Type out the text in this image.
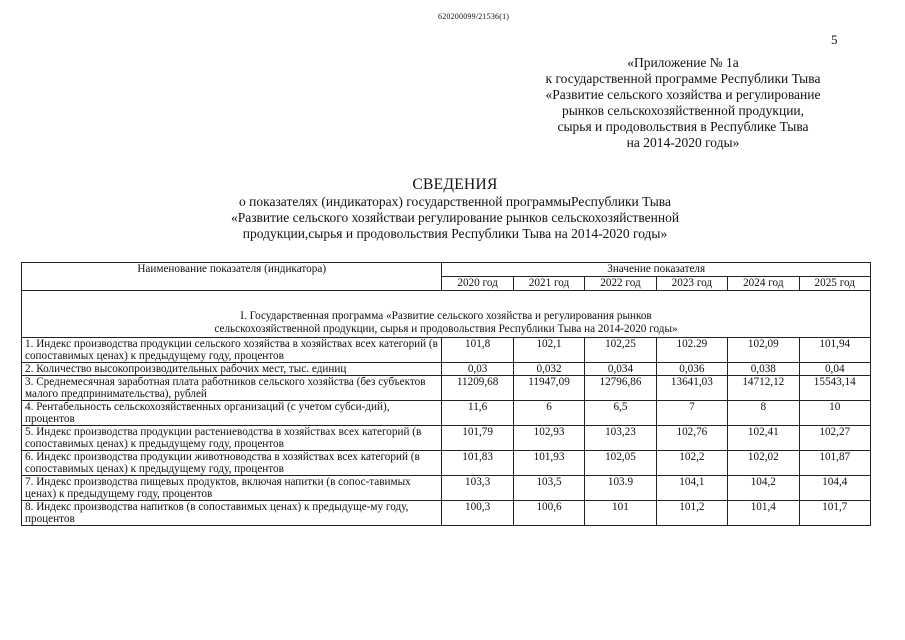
620200099/21536(1)
5
«Приложение № 1а
к государственной программе Республики Тыва
«Развитие сельского хозяйства и регулирование
рынков сельскохозяйственной продукции,
сырья и продовольствия в Республике Тыва
на 2014-2020 годы»
СВЕДЕНИЯ
о показателях (индикаторах) государственной программыРеспублики Тыва
«Развитие сельского хозяйстваи регулирование рынков сельскохозяйственной
продукции,сырья и продовольствия Республики Тыва на 2014-2020 годы»
Наименование показателя (индикатора)	Значение показателя					
	2020 год	2021 год	2022 год	2023 год	2024 год	2025 год

I. Государственная программа «Развитие сельского хозяйства и регулирования рынков
сельскохозяйственной продукции, сырья и продовольствия Республики Тыва на 2014-2020 годы»						

1. Индекс производства продукции сельского хозяйства в хозяйствах всех категорий (в сопоставимых ценах) к предыдущему году, процентов	101,8	102,1	102,25	102.29	102,09	101,94
2. Количество высокопроизводительных рабочих мест, тыс. единиц	0,03	0,032	0,034	0,036	0,038	0,04
3. Среднемесячная заработная плата работников сельского хозяйства (без субъектов малого предпринимательства), рублей	11209,68	11947,09	12796,86	13641,03	14712,12	15543,14
4. Рентабельность сельскохозяйственных организаций (с учетом субси-дий), процентов	11,6	6	6,5	7	8	10
5. Индекс производства продукции растениеводства в хозяйствах всех категорий (в сопоставимых ценах) к предыдущему году, процентов	101,79	102,93	103,23	102,76	102,41	102,27
6. Индекс производства продукции животноводства в хозяйствах всех категорий (в сопоставимых ценах) к предыдущему году, процентов	101,83	101,93	102,05	102,2	102,02	101,87
7. Индекс производства пищевых продуктов, включая напитки (в сопос-тавимых ценах) к предыдущему году, процентов	103,3	103,5	103.9	104,1	104,2	104,4
8. Индекс производства напитков (в сопоставимых ценах) к предыдуще-му году, процентов	100,3	100,6	101	101,2	101,4	101,7
